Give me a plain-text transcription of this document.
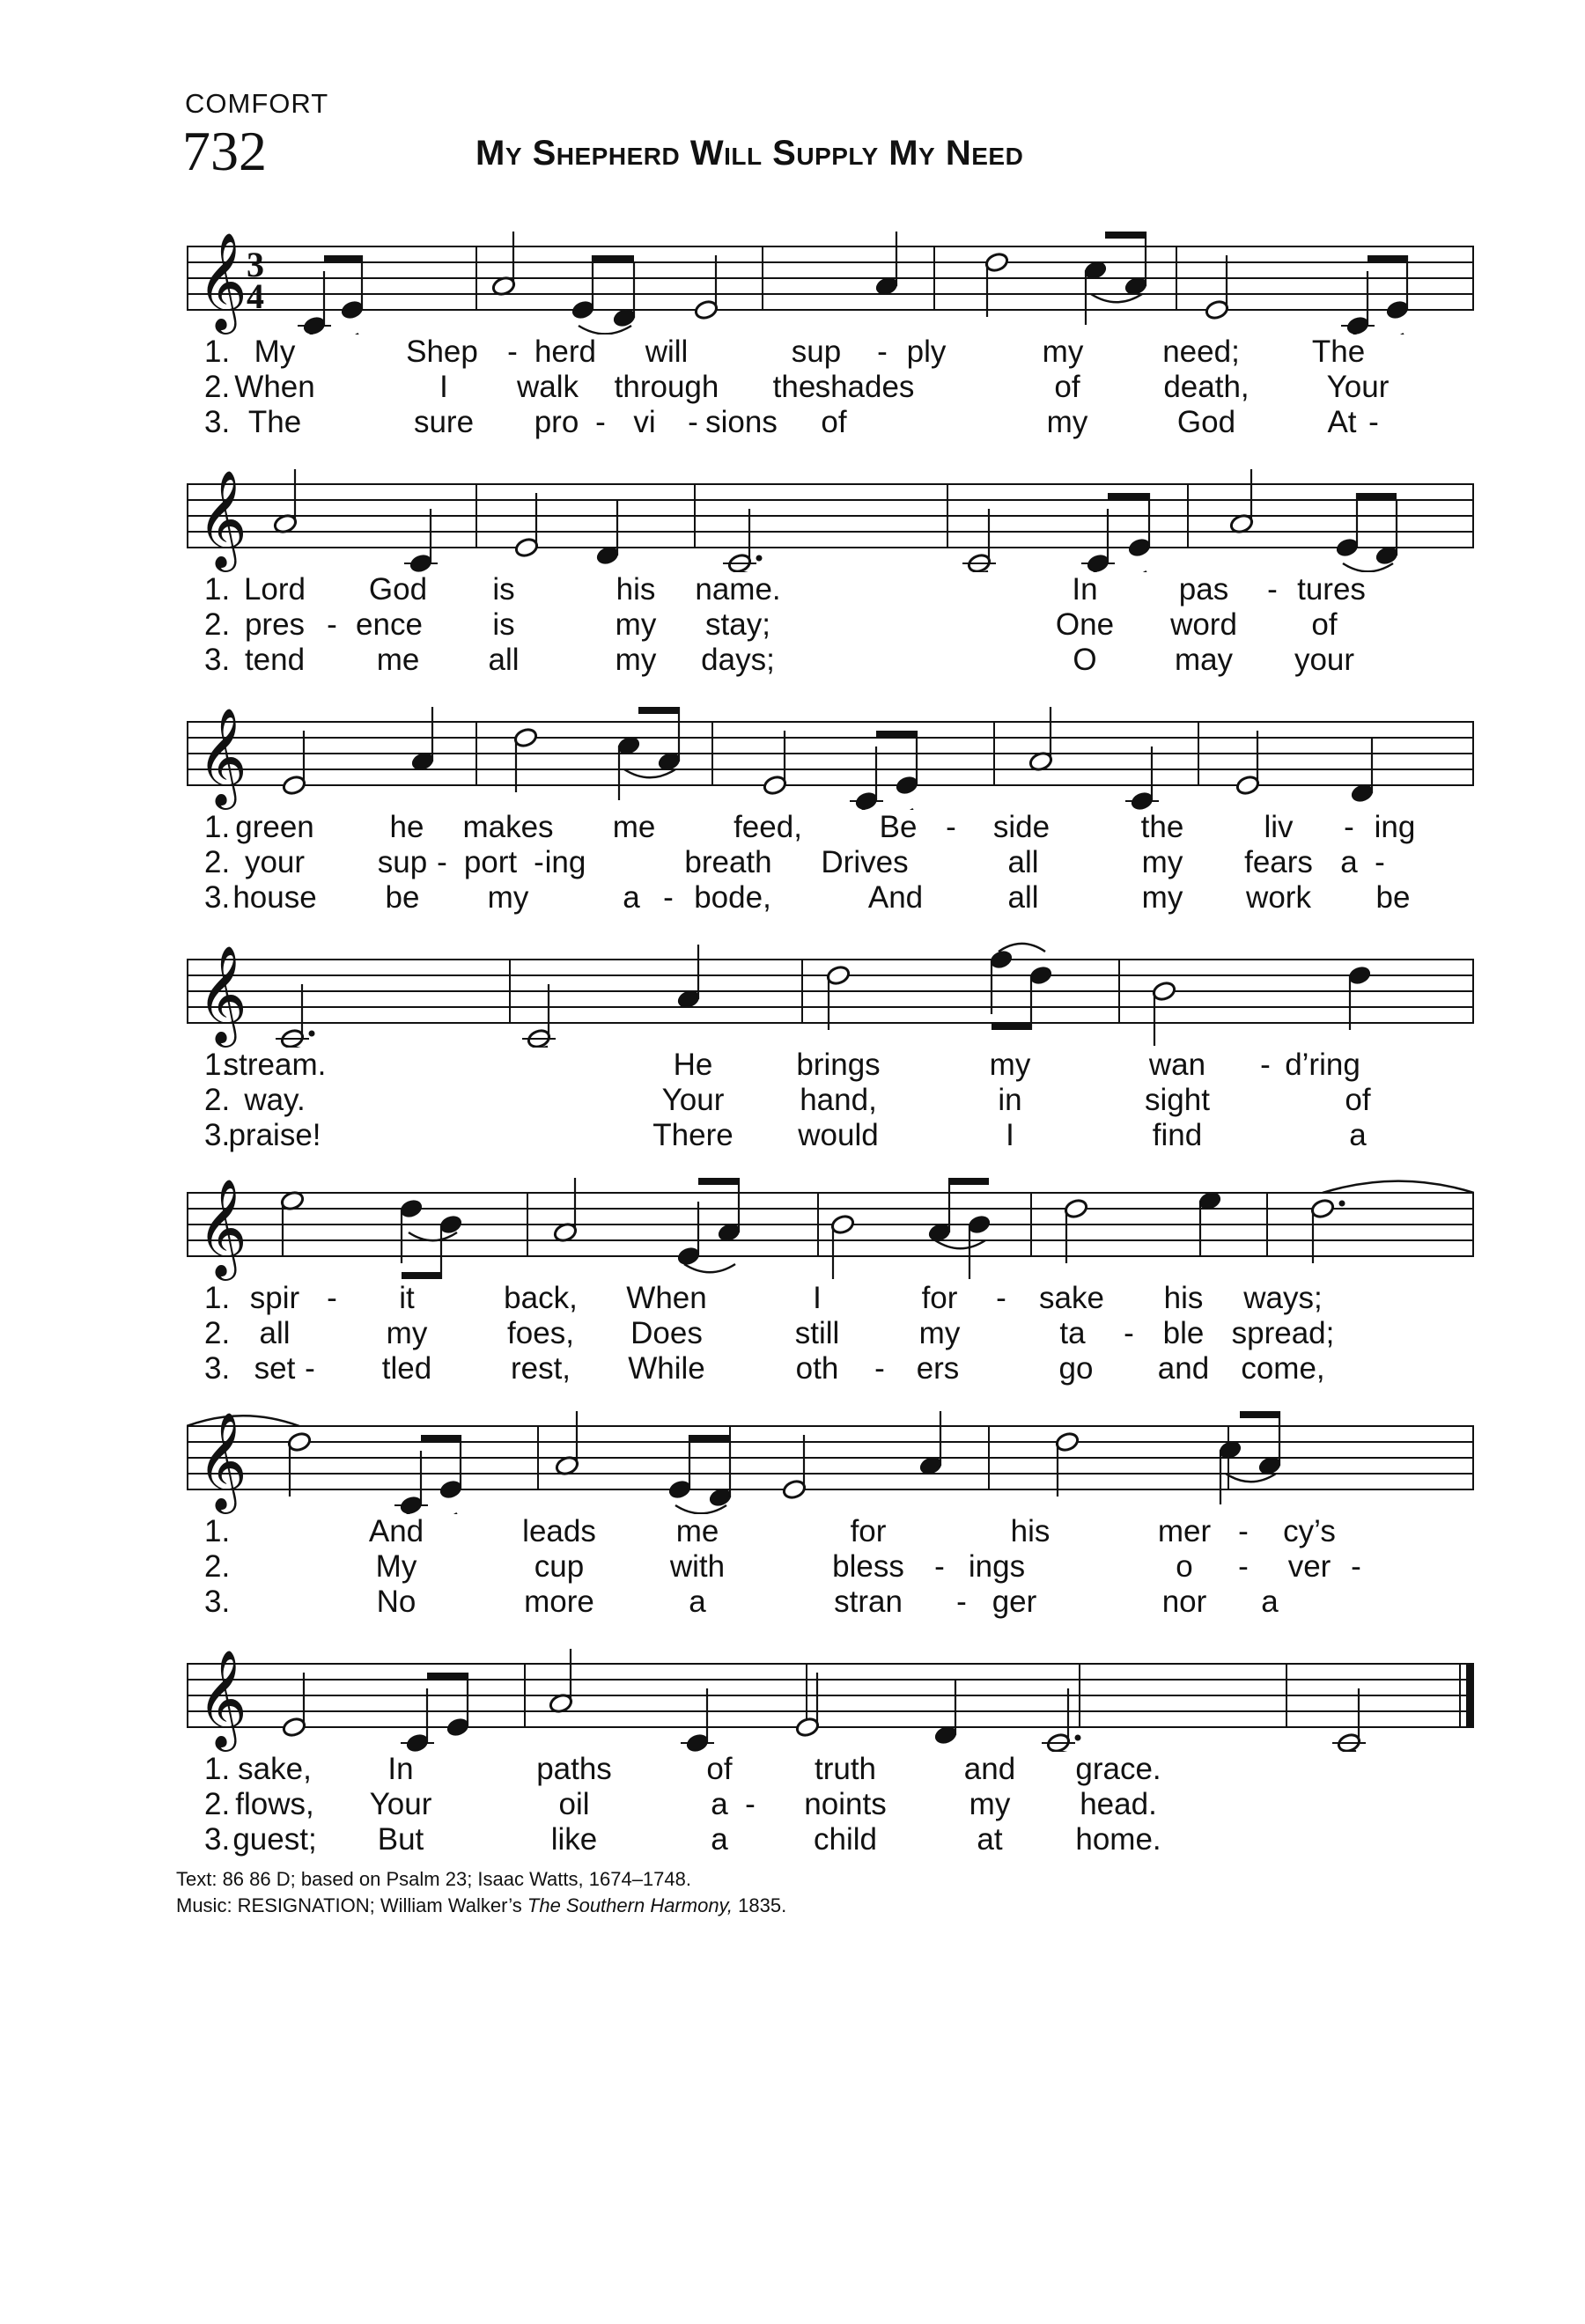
COMFORT
732	My Shepherd Will Supply My Need
𝄞 3
4
1. My	Shep - herd will	sup - ply	my	need; The
2. When	I walk through the shades	of	death,	Your
3. The	sure pro - vi - sions of	my	God	At -
𝄞
1. Lord God is	his name.	In	pas - tures
2. pres - ence is	my stay;	One word of
3. tend me all	my days;	O	may your
𝄞
1. green he makes me	feed,	Be - side	the	liv - ing
2. your sup - port - ing	breath Drives	all	my fears a -
3. house be my	a - bode,	And	all	my work be
𝄞
1.
stream.	He	brings	my	wan - d’ring
2. way.	Your hand,	in	sight	of
3.
praise!	There would	I	find	a
𝄞
1. spir - it	back, When	I	for - sake his ways;
2. all	my	foes, Does	still	my	ta - ble spread;
3. set - tled	rest, While	oth - ers	go and come,
𝄞
1.	And	leads	me	for	his	mer - cy’s
2.	My	cup	with	bless - ings	o - ver -
3.	No	more	a	stran - ger	nor a
𝄞
1. sake, In	paths	of	truth	and grace.
2. flows, Your	oil	a - noints	my head.
3. guest; But	like	a	child	at home.
Text: 86 86 D; based on Psalm 23; Isaac Watts, 1674–1748.
Music: RESIGNATION; William Walker’s The Southern Harmony, 1835.
